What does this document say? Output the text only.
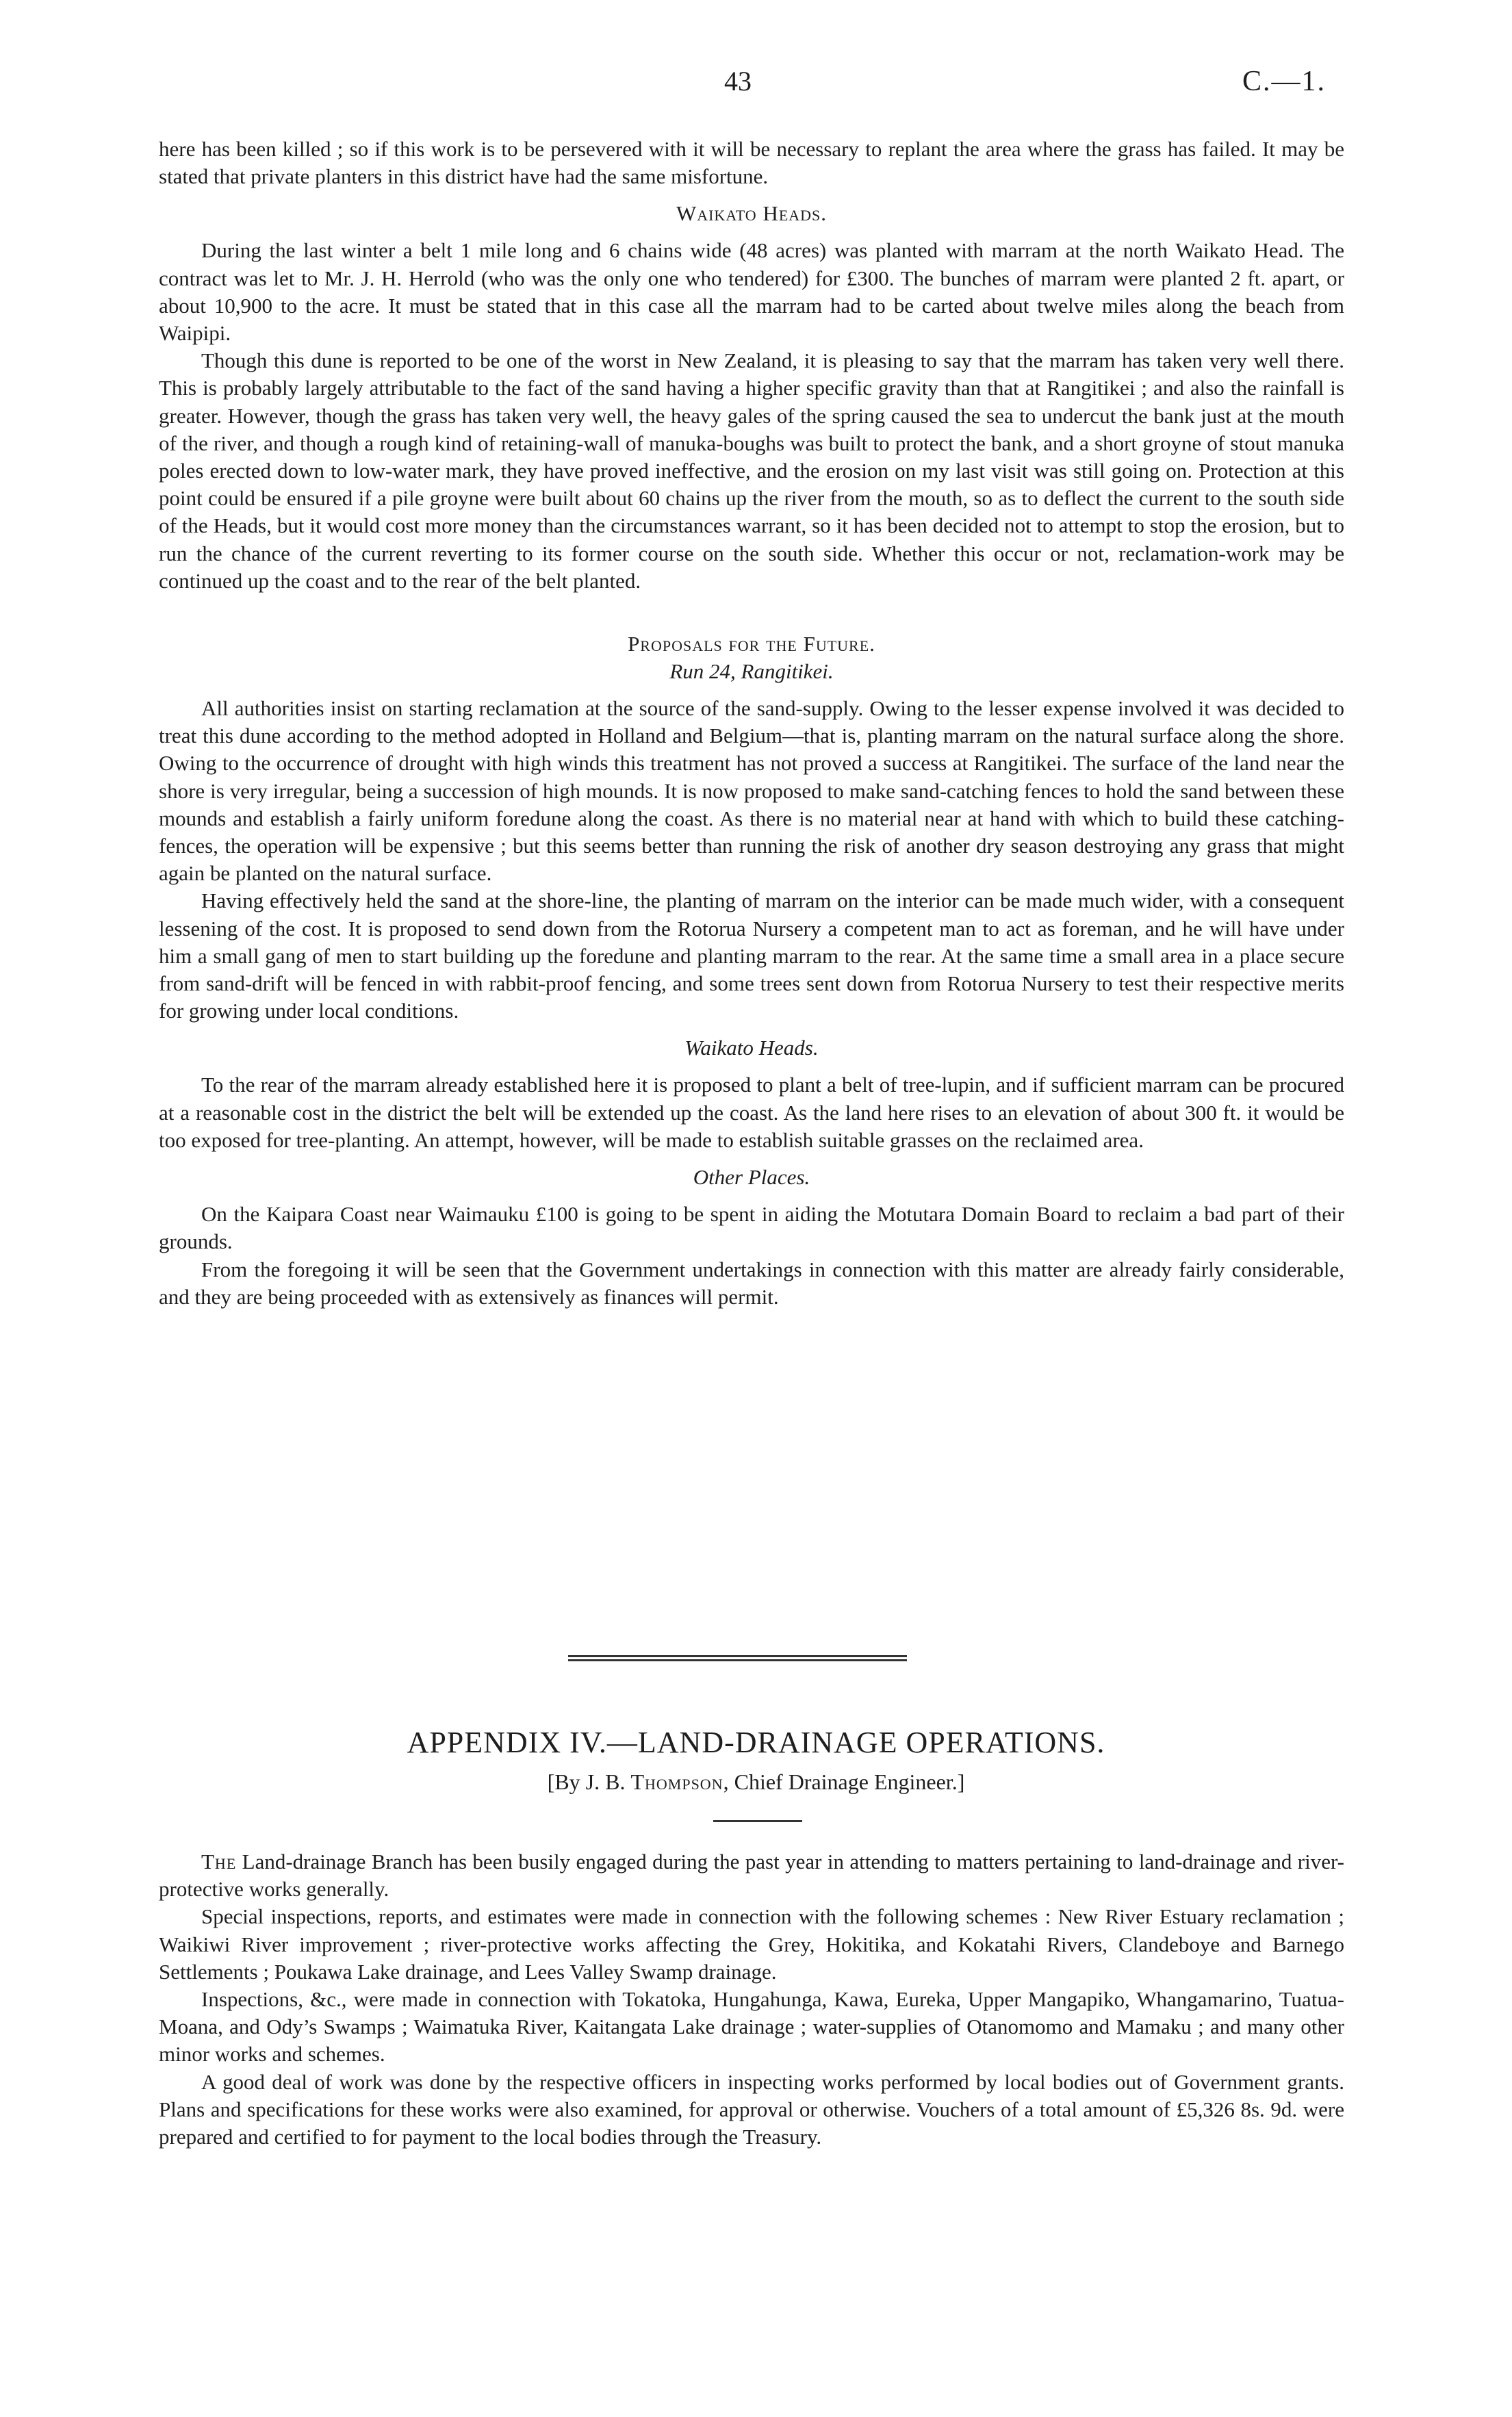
43	C.—1.

here has been killed ; so if this work is to be persevered with it will be necessary to replant the area where the grass has failed. It may be stated that private planters in this district have had the same misfortune.

Waikato Heads.

During the last winter a belt 1 mile long and 6 chains wide (48 acres) was planted with marram at the north Waikato Head. The contract was let to Mr. J. H. Herrold (who was the only one who tendered) for £300. The bunches of marram were planted 2 ft. apart, or about 10,900 to the acre. It must be stated that in this case all the marram had to be carted about twelve miles along the beach from Waipipi.

Though this dune is reported to be one of the worst in New Zealand, it is pleasing to say that the marram has taken very well there. This is probably largely attributable to the fact of the sand having a higher specific gravity than that at Rangitikei ; and also the rainfall is greater. However, though the grass has taken very well, the heavy gales of the spring caused the sea to undercut the bank just at the mouth of the river, and though a rough kind of retaining-wall of manuka-boughs was built to protect the bank, and a short groyne of stout manuka poles erected down to low-water mark, they have proved ineffective, and the erosion on my last visit was still going on. Protection at this point could be ensured if a pile groyne were built about 60 chains up the river from the mouth, so as to deflect the current to the south side of the Heads, but it would cost more money than the circumstances warrant, so it has been decided not to attempt to stop the erosion, but to run the chance of the current reverting to its former course on the south side. Whether this occur or not, reclamation-work may be continued up the coast and to the rear of the belt planted.

Proposals for the Future.
Run 24, Rangitikei.

All authorities insist on starting reclamation at the source of the sand-supply. Owing to the lesser expense involved it was decided to treat this dune according to the method adopted in Holland and Belgium—that is, planting marram on the natural surface along the shore. Owing to the occurrence of drought with high winds this treatment has not proved a success at Rangitikei. The surface of the land near the shore is very irregular, being a succession of high mounds. It is now proposed to make sand-catching fences to hold the sand between these mounds and establish a fairly uniform foredune along the coast. As there is no material near at hand with which to build these catching-fences, the operation will be expensive ; but this seems better than running the risk of another dry season destroying any grass that might again be planted on the natural surface.

Having effectively held the sand at the shore-line, the planting of marram on the interior can be made much wider, with a consequent lessening of the cost. It is proposed to send down from the Rotorua Nursery a competent man to act as foreman, and he will have under him a small gang of men to start building up the foredune and planting marram to the rear. At the same time a small area in a place secure from sand-drift will be fenced in with rabbit-proof fencing, and some trees sent down from Rotorua Nursery to test their respective merits for growing under local conditions.

Waikato Heads.

To the rear of the marram already established here it is proposed to plant a belt of tree-lupin, and if sufficient marram can be procured at a reasonable cost in the district the belt will be extended up the coast. As the land here rises to an elevation of about 300 ft. it would be too exposed for tree-planting. An attempt, however, will be made to establish suitable grasses on the reclaimed area.

Other Places.

On the Kaipara Coast near Waimauku £100 is going to be spent in aiding the Motutara Domain Board to reclaim a bad part of their grounds.

From the foregoing it will be seen that the Government undertakings in connection with this matter are already fairly considerable, and they are being proceeded with as extensively as finances will permit.

APPENDIX IV.—LAND-DRAINAGE OPERATIONS.
[By J. B. Thompson, Chief Drainage Engineer.]

The Land-drainage Branch has been busily engaged during the past year in attending to matters pertaining to land-drainage and river-protective works generally.

Special inspections, reports, and estimates were made in connection with the following schemes : New River Estuary reclamation ; Waikiwi River improvement ; river-protective works affecting the Grey, Hokitika, and Kokatahi Rivers, Clandeboye and Barnego Settlements ; Poukawa Lake drainage, and Lees Valley Swamp drainage.

Inspections, &c., were made in connection with Tokatoka, Hungahunga, Kawa, Eureka, Upper Mangapiko, Whangamarino, Tuatua-Moana, and Ody’s Swamps ; Waimatuka River, Kaitangata Lake drainage ; water-supplies of Otanomomo and Mamaku ; and many other minor works and schemes.

A good deal of work was done by the respective officers in inspecting works performed by local bodies out of Government grants. Plans and specifications for these works were also examined, for approval or otherwise. Vouchers of a total amount of £5,326 8s. 9d. were prepared and certified to for payment to the local bodies through the Treasury.
